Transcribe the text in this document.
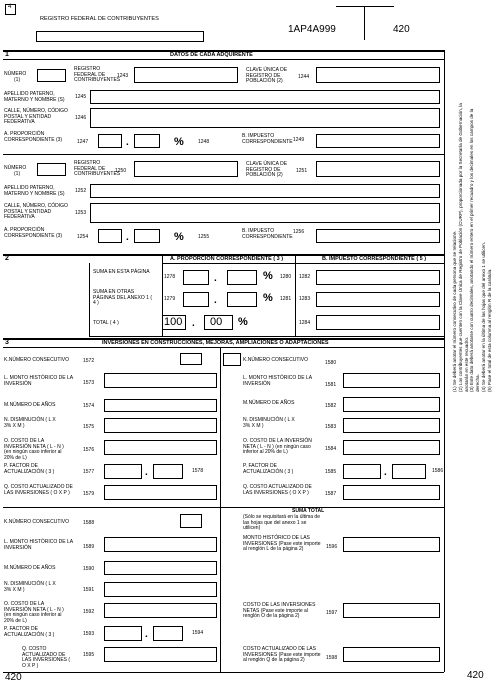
4
REGISTRO FEDERAL DE CONTRIBUYENTES
1AP4A999	420
1	DATOS DE CADA ADQUIRENTE
NÚMERO
(1)
REGISTRO FEDERAL DE CONTRIBUYENTES
1243
CLAVE ÚNICA DE REGISTRO DE POBLACIÓN (2)
1244
APELLIDO PATERNO, MATERNO Y NOMBRE (S)	1245
CALLE, NÚMERO, CÓDIGO POSTAL Y ENTIDAD FEDERATIVA
1246
A. PROPORCIÓN CORRESPONDIENTE (3)	1247	.	%	1248
B. IMPUESTO CORRESPONDIENTE 1249
NÚMERO
(1)
REGISTRO FEDERAL DE CONTRIBUYENTES
1250
CLAVE ÚNICA DE REGISTRO DE POBLACIÓN (2)
1251
APELLIDO PATERNO, MATERNO Y NOMBRE (S)	1252
CALLE, NÚMERO, CÓDIGO POSTAL Y ENTIDAD FEDERATIVA
1253
A. PROPORCIÓN CORRESPONDIENTE (3)	1254	.	%	1255
B. IMPUESTO CORRESPONDIENTE
1256
2	A. PROPORCIÓN CORRESPONDIENTE ( 3 )	B. IMPUESTO CORRESPONDIENTE ( 5 )
SUMA EN ESTA PÁGINA
1278	.	% 1280 1282
SUMA EN OTRAS PÁGINAS DEL ANEXO 1 ( 4 )
1279	.	% 1281 1283
TOTAL ( 4 )	100 . 00 %	1284
3	INVERSIONES EN CONSTRUCCIONES, MEJORAS, AMPLIACIONES O ADAPTACIONES
K.NÚMERO CONSECUTIVO	1572
L. MONTO HISTÓRICO DE LA INVERSIÓN	1573
M.NÚMERO DE AÑOS	1574
N. DISMINUCIÓN ( L X 3% X M )	1575
O. COSTO DE LA INVERSIÓN NETA ( L - N ) (en ningún caso inferior al 20% de L)
1576
P. FACTOR DE ACTUALIZACIÓN ( 3 )	1577	.	1578
Q. COSTO ACTUALIZADO DE LAS INVERSIONES ( O X P )	1579
K.NÚMERO CONSECUTIVO	1580
L. MONTO HISTÓRICO DE LA INVERSIÓN	1581
M.NÚMERO DE AÑOS	1582
N. DISMINUCIÓN ( L X 3% X M )	1583
O. COSTO DE LA INVERSIÓN NETA ( L - N ) (en ningún caso inferior al 20% de L)
1584
P. FACTOR DE ACTUALIZACIÓN ( 3 )	1585	.	1586
Q. COSTO ACTUALIZADO DE LAS INVERSIONES ( O X P )	1587
K.NÚMERO CONSECUTIVO	1588
L. MONTO HISTÓRICO DE LA INVERSIÓN	1589
M.NÚMERO DE AÑOS	1590
N. DISMINUCIÓN ( L X 3% X M )	1591
O. COSTO DE LA INVERSIÓN NETA ( L - N ) (en ningún caso inferior al 20% de L)
1592
P. FACTOR DE ACTUALIZACIÓN ( 3 )	1593	.	1594
Q. COSTO ACTUALIZADO DE LAS INVERSIONES ( O X P )
1595
SUMA TOTAL
(Sólo se requisitará en la última de las hojas que del anexo 1 se utilicen)
MONTO HISTÓRICO DE LAS INVERSIONES (Pase este importe al renglón L de la página 2)	1596
COSTO DE LAS INVERSIONES NETAS (Pase este importe al renglón O de la página 2)
1597
COSTO ACTUALIZADO DE LAS INVERSIONES (Pase este importe al renglón Q de la página 2)	1598
(1) Se deberá anotar el número consecutivo de cada persona que se relacione. (2) Los contribuyentes que cuenten con la Clave Única de Registro de Población (CURP), proporcionada por la Secretaría de Gobernación, la anotarán en este recuadro. (3) Este dato deberá anotarse con cuatro decimales, anotando el número entero en el primer recuadro y los decimales en los campos de la derecha. (4) Se deberá anotar en la última de las hojas que del anexo 1 se utilicen. (5) Pase el total de esta columna al renglón R de la carátula.
420	420
